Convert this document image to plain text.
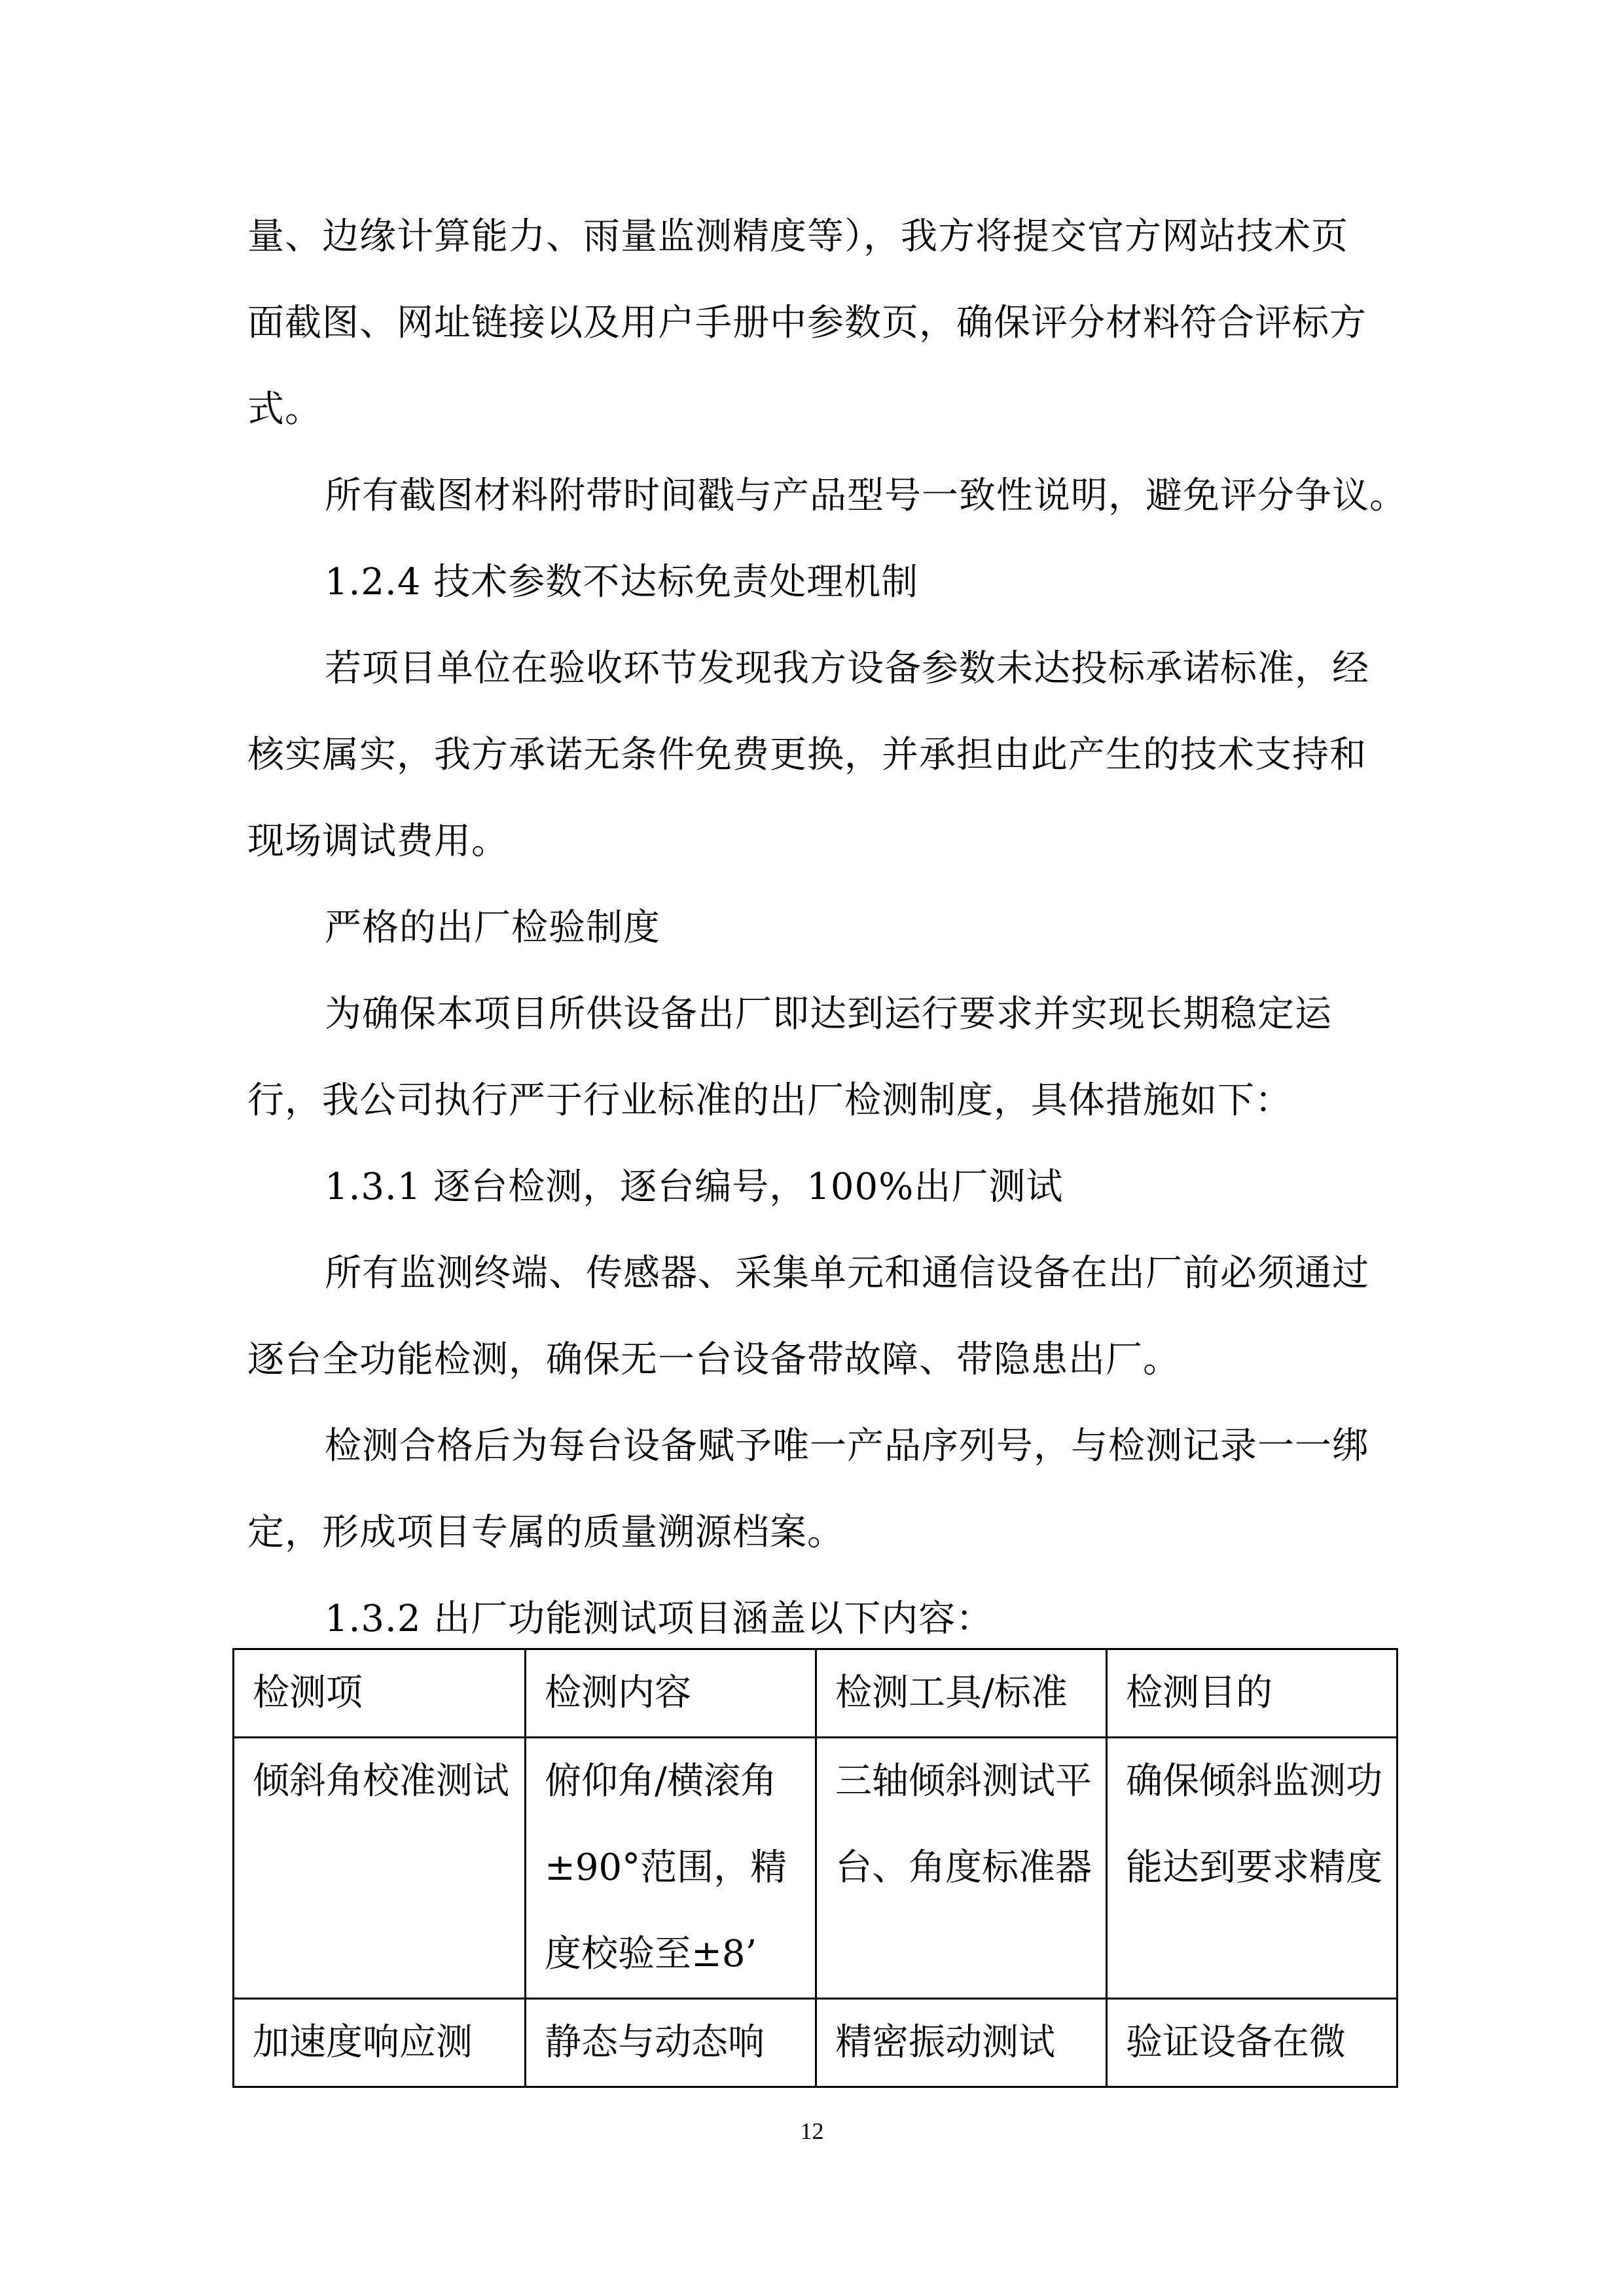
量、边缘计算能力、雨量监测精度等），我方将提交官方网站技术页
面截图、网址链接以及用户手册中参数页，确保评分材料符合评标方
式。
所有截图材料附带时间戳与产品型号一致性说明，避免评分争议。
1.2.4 技术参数不达标免责处理机制
若项目单位在验收环节发现我方设备参数未达投标承诺标准，经
核实属实，我方承诺无条件免费更换，并承担由此产生的技术支持和
现场调试费用。
严格的出厂检验制度
为确保本项目所供设备出厂即达到运行要求并实现长期稳定运
行，我公司执行严于行业标准的出厂检测制度，具体措施如下：
1.3.1 逐台检测，逐台编号，100%出厂测试
所有监测终端、传感器、采集单元和通信设备在出厂前必须通过
逐台全功能检测，确保无一台设备带故障、带隐患出厂。
检测合格后为每台设备赋予唯一产品序列号，与检测记录一一绑
定，形成项目专属的质量溯源档案。
1.3.2 出厂功能测试项目涵盖以下内容：
检测项	检测内容	检测工具/标准	检测目的
倾斜角校准测试	俯仰角/横滚角±90°范围，精度校验至±8’	三轴倾斜测试平台、角度标准器	确保倾斜监测功能达到要求精度
加速度响应测	静态与动态响	精密振动测试	验证设备在微
12
